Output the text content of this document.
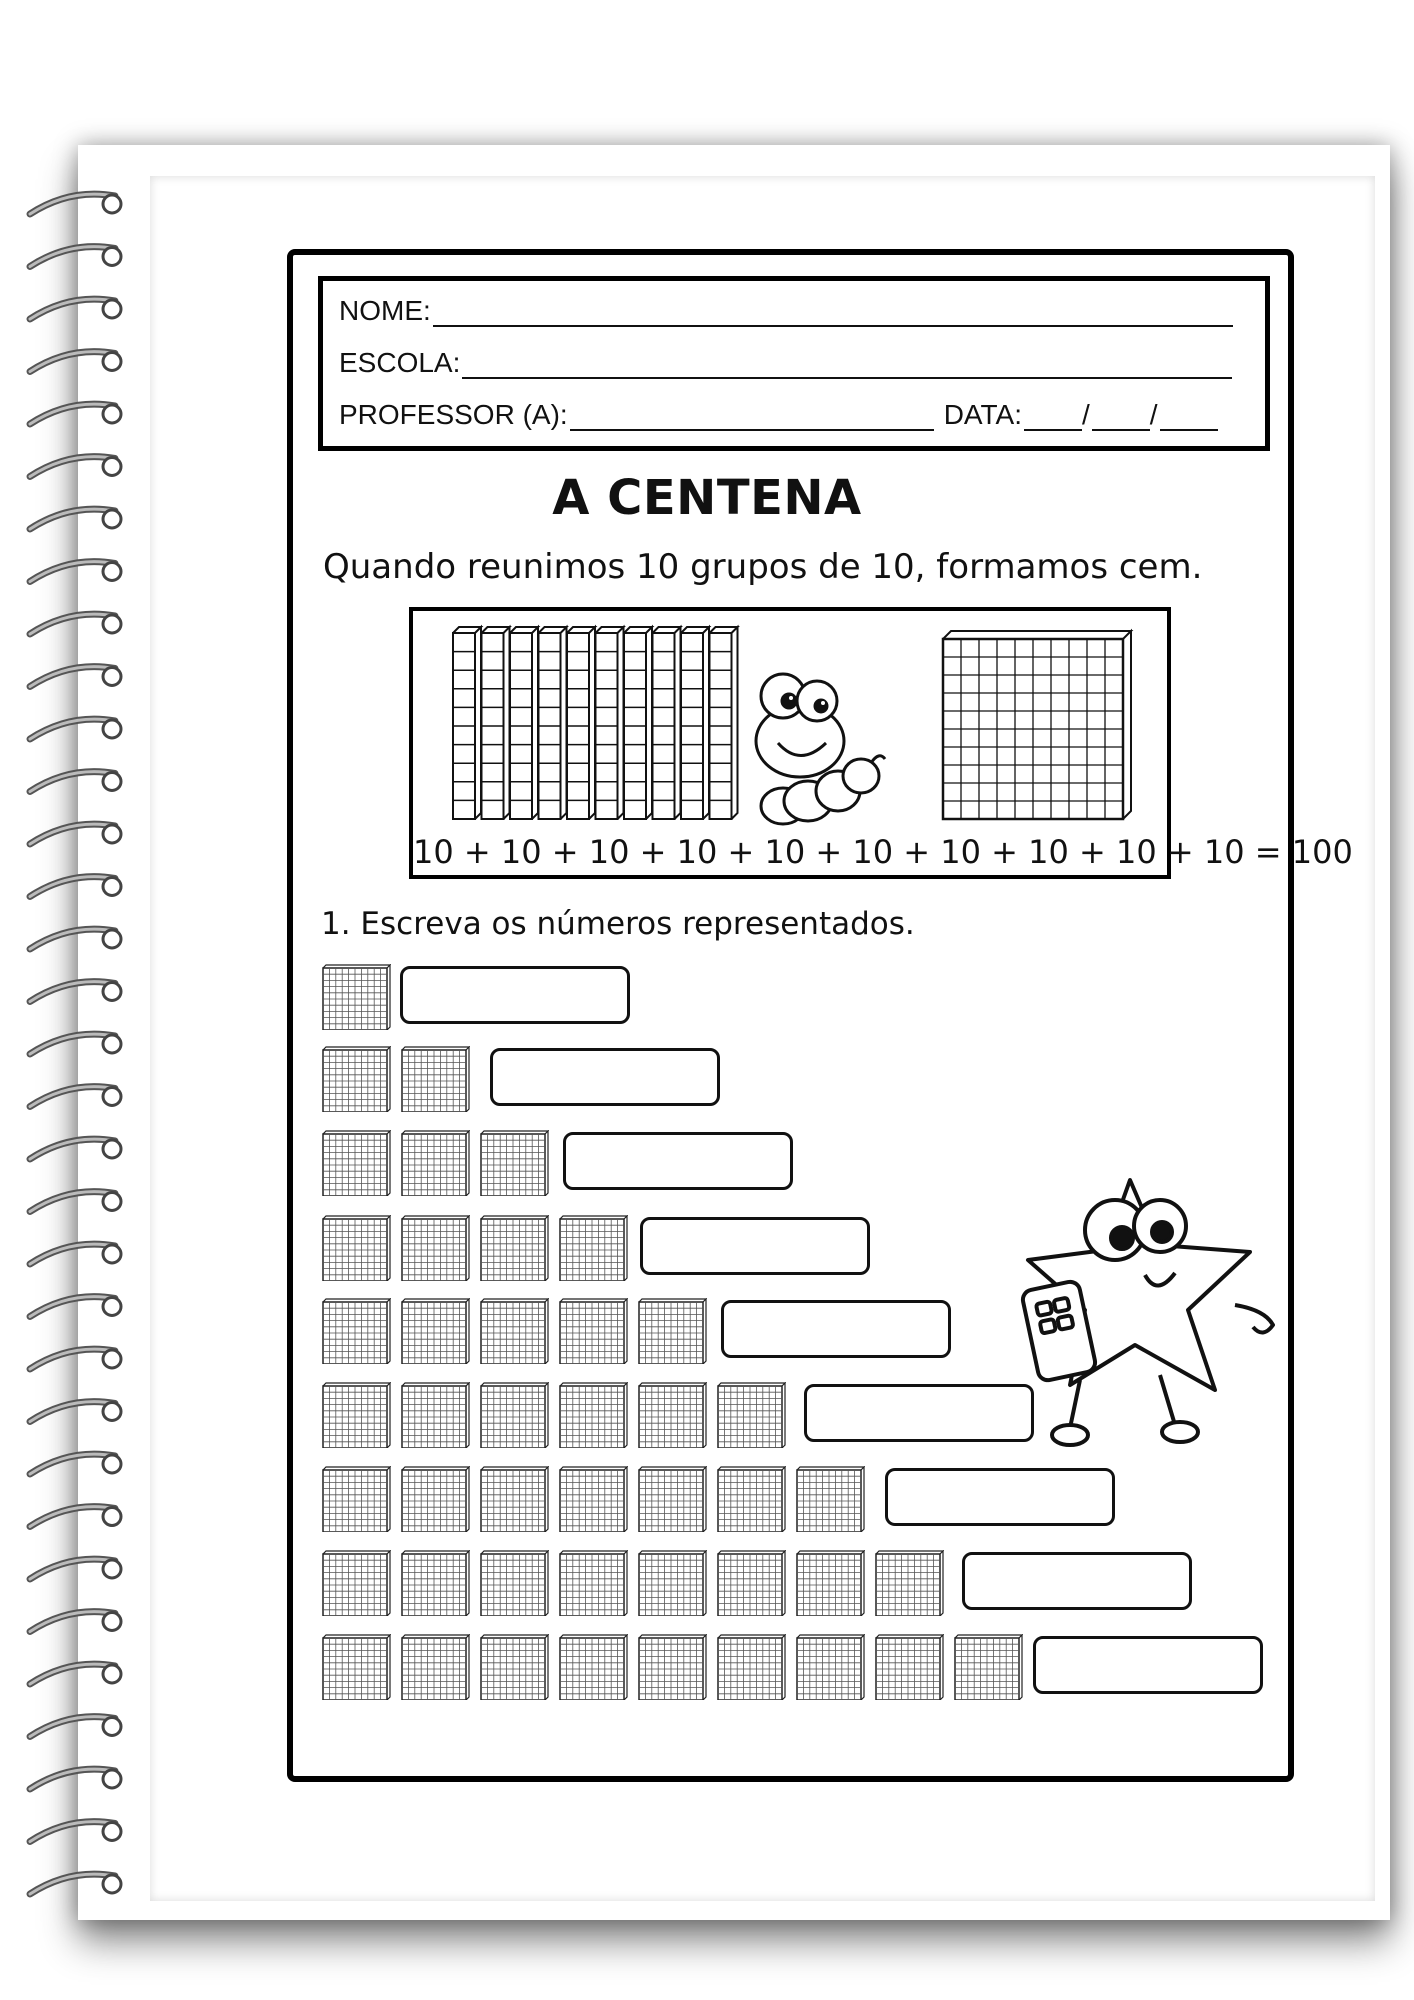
NOME:
ESCOLA:
PROFESSOR (A):	DATA: / /
A CENTENA
Quando reunimos 10 grupos de 10, formamos cem.
10 + 10 + 10 + 10 + 10 + 10 + 10 + 10 + 10 + 10 = 100
1. Escreva os números representados.
